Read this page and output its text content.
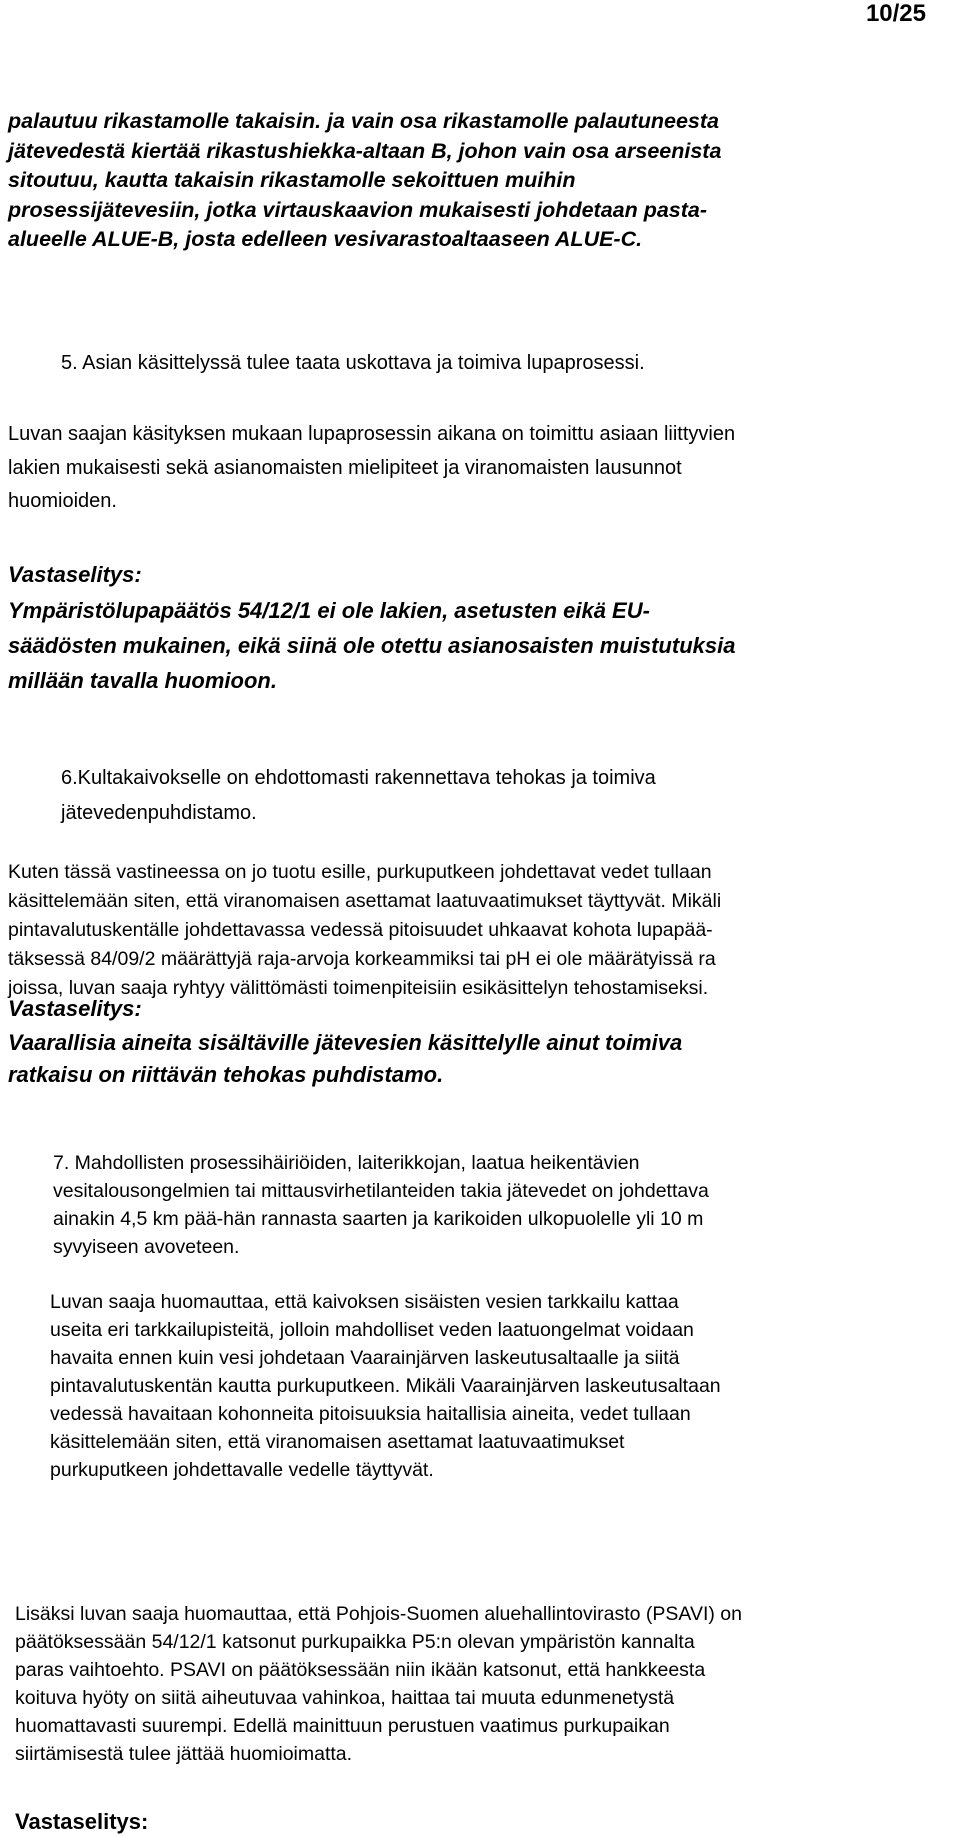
10/25

palautuu rikastamolle takaisin. ja vain osa rikastamolle palautuneesta
jätevedestä kiertää rikastushiekka-altaan B, johon vain osa arseenista
sitoutuu, kautta takaisin rikastamolle sekoittuen muihin
prosessijätevesiin, jotka virtauskaavion mukaisesti johdetaan pasta-
alueelle ALUE-B, josta edelleen vesivarastoaltaaseen ALUE-C.

5. Asian käsittelyssä tulee taata uskottava ja toimiva lupaprosessi.

Luvan saajan käsityksen mukaan lupaprosessin aikana on toimittu asiaan liittyvien
lakien mukaisesti sekä asianomaisten mielipiteet ja viranomaisten lausunnot
huomioiden.

Vastaselitys:

Ympäristölupapäätös 54/12/1 ei ole lakien, asetusten eikä EU-
säädösten mukainen, eikä siinä ole otettu asianosaisten muistutuksia
millään tavalla huomioon.

6.Kultakaivokselle on ehdottomasti rakennettava tehokas ja toimiva
jätevedenpuhdistamo.

Kuten tässä vastineessa on jo tuotu esille, purkuputkeen johdettavat vedet tullaan
käsittelemään siten, että viranomaisen asettamat laatuvaatimukset täyttyvät. Mikäli
pintavalutuskentälle johdettavassa vedessä pitoisuudet uhkaavat kohota lupapää-
täksessä 84/09/2 määrättyjä raja-arvoja korkeammiksi tai pH ei ole määrätyissä ra
joissa, luvan saaja ryhtyy välittömästi toimenpiteisiin esikäsittelyn tehostamiseksi.

Vastaselitys:

Vaarallisia aineita sisältäville jätevesien käsittelylle ainut toimiva
ratkaisu on riittävän tehokas puhdistamo.

7. Mahdollisten prosessihäiriöiden, laiterikkojan, laatua heikentävien
vesitalousongelmien tai mittausvirhetilanteiden takia jätevedet on johdettava
ainakin 4,5 km pää-hän rannasta saarten ja karikoiden ulkopuolelle yli 10 m
syvyiseen avoveteen.

Luvan saaja huomauttaa, että kaivoksen sisäisten vesien tarkkailu kattaa
useita eri tarkkailupisteitä, jolloin mahdolliset veden laatuongelmat voidaan
havaita ennen kuin vesi johdetaan Vaarainjärven laskeutusaltaalle ja siitä
pintavalutuskentän kautta purkuputkeen. Mikäli Vaarainjärven laskeutusaltaan
vedessä havaitaan kohonneita pitoisuuksia haitallisia aineita, vedet tullaan
käsittelemään siten, että viranomaisen asettamat laatuvaatimukset
purkuputkeen johdettavalle vedelle täyttyvät.

Lisäksi luvan saaja huomauttaa, että Pohjois-Suomen aluehallintovirasto (PSAVI) on
päätöksessään 54/12/1 katsonut purkupaikka P5:n olevan ympäristön kannalta
paras vaihtoehto. PSAVI on päätöksessään niin ikään katsonut, että hankkeesta
koituva hyöty on siitä aiheutuvaa vahinkoa, haittaa tai muuta edunmenetystä
huomattavasti suurempi. Edellä mainittuun perustuen vaatimus purkupaikan
siirtämisestä tulee jättää huomioimatta.

Vastaselitys:
